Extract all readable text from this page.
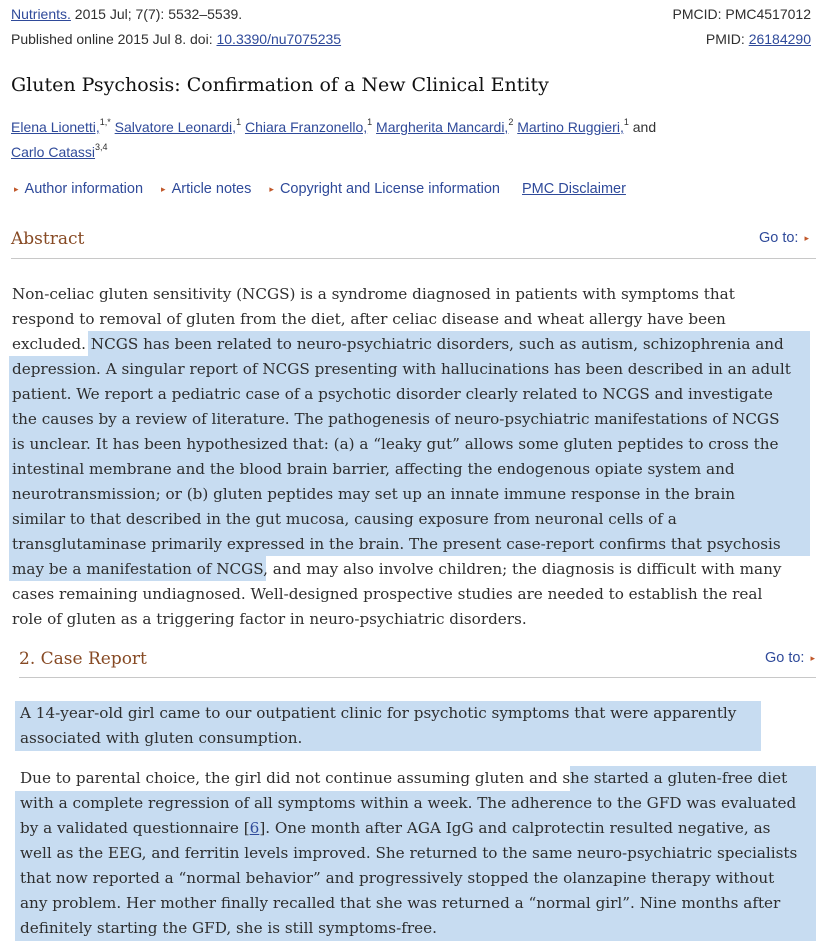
Nutrients. 2015 Jul; 7(7): 5532–5539.
Published online 2015 Jul 8. doi: 10.3390/nu7075235
PMCID: PMC4517012
PMID: 26184290
Gluten Psychosis: Confirmation of a New Clinical Entity
Elena Lionetti,$^{1,*}$ Salvatore Leonardi,$^1$ Chiara Franzonello,$^1$ Margherita Mancardi,$^2$ Martino Ruggieri,$^1$ and
Carlo Catassi$^{3,4}$
▸ Author information ▸ Article notes ▸ Copyright and License information PMC Disclaimer
Abstract	Go to: ▸
Non-celiac gluten sensitivity (NCGS) is a syndrome diagnosed in patients with symptoms that
respond to removal of gluten from the diet, after celiac disease and wheat allergy have been
excluded. NCGS has been related to neuro-psychiatric disorders, such as autism, schizophrenia and
depression. A singular report of NCGS presenting with hallucinations has been described in an adult
patient. We report a pediatric case of a psychotic disorder clearly related to NCGS and investigate
the causes by a review of literature. The pathogenesis of neuro-psychiatric manifestations of NCGS
is unclear. It has been hypothesized that: (a) a “leaky gut” allows some gluten peptides to cross the
intestinal membrane and the blood brain barrier, affecting the endogenous opiate system and
neurotransmission; or (b) gluten peptides may set up an innate immune response in the brain
similar to that described in the gut mucosa, causing exposure from neuronal cells of a
transglutaminase primarily expressed in the brain. The present case-report confirms that psychosis
may be a manifestation of NCGS, and may also involve children; the diagnosis is difficult with many
cases remaining undiagnosed. Well-designed prospective studies are needed to establish the real
role of gluten as a triggering factor in neuro-psychiatric disorders.
2. Case Report	Go to: ▸
A 14-year-old girl came to our outpatient clinic for psychotic symptoms that were apparently
associated with gluten consumption.
Due to parental choice, the girl did not continue assuming gluten and she started a gluten-free diet
with a complete regression of all symptoms within a week. The adherence to the GFD was evaluated
by a validated questionnaire [6]. One month after AGA IgG and calprotectin resulted negative, as
well as the EEG, and ferritin levels improved. She returned to the same neuro-psychiatric specialists
that now reported a “normal behavior” and progressively stopped the olanzapine therapy without
any problem. Her mother finally recalled that she was returned a “normal girl”. Nine months after
definitely starting the GFD, she is still symptoms-free.
